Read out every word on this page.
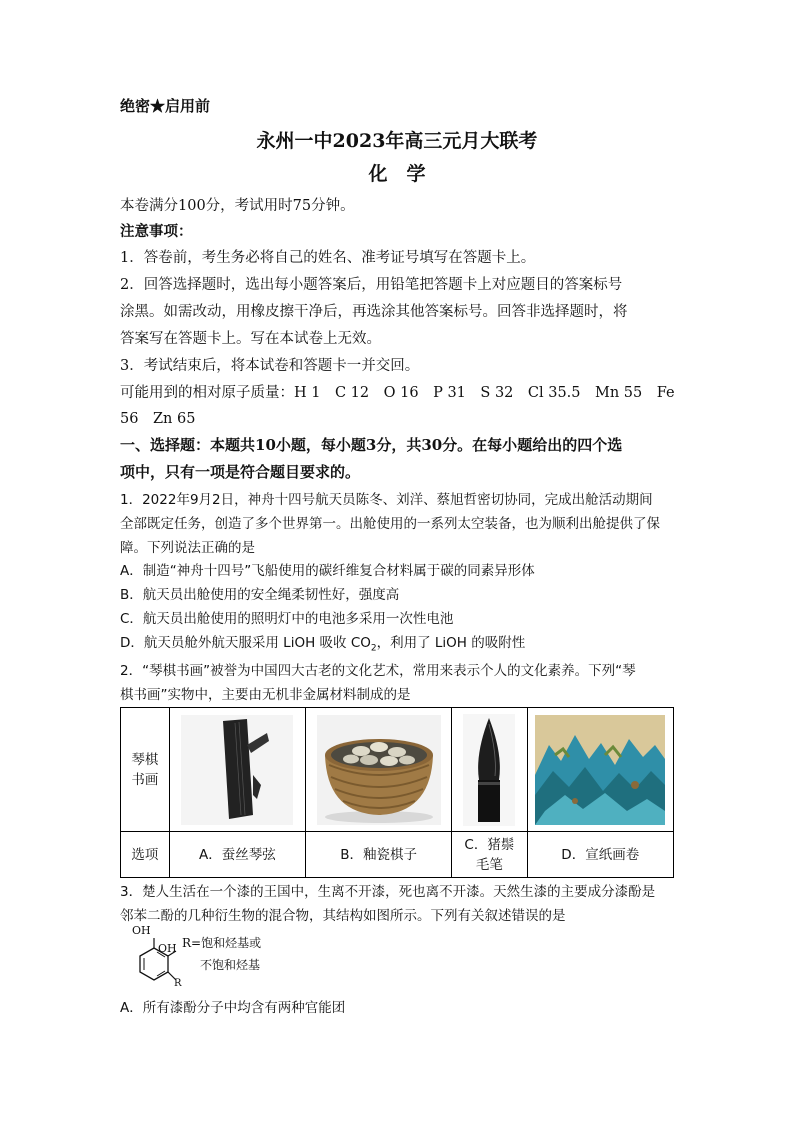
绝密★启用前
永州一中2023年高三元月大联考
化　学
本卷满分100分，考试用时75分钟。
注意事项：
1．答卷前，考生务必将自己的姓名、准考证号填写在答题卡上。
2．回答选择题时，选出每小题答案后，用铅笔把答题卡上对应题目的答案标号
涂黑。如需改动，用橡皮擦干净后，再选涂其他答案标号。回答非选择题时，将
答案写在答题卡上。写在本试卷上无效。
3．考试结束后，将本试卷和答题卡一并交回。
可能用到的相对原子质量：H 1　C 12　O 16　P 31　S 32　Cl 35.5　Mn 55　Fe
56　Zn 65
一、选择题：本题共10小题，每小题3分，共30分。在每小题给出的四个选
项中，只有一项是符合题目要求的。
1．2022年9月2日，神舟十四号航天员陈冬、刘洋、蔡旭哲密切协同，完成出舱活动期间
全部既定任务，创造了多个世界第一。出舱使用的一系列太空装备，也为顺利出舱提供了保
障。下列说法正确的是
A．制造“神舟十四号”飞船使用的碳纤维复合材料属于碳的同素异形体
B．航天员出舱使用的安全绳柔韧性好，强度高
C．航天员出舱使用的照明灯中的电池多采用一次性电池
D．航天员舱外航天服采用 LiOH 吸收 $CO_2$，利用了 LiOH 的吸附性
2．“琴棋书画”被誉为中国四大古老的文化艺术，常用来表示个人的文化素养。下列“琴
棋书画”实物中，主要由无机非金属材料制成的是
琴棋
书画	

选项	A．蚕丝琴弦	B．釉瓷棋子	C．猪鬃
毛笔	D．宣纸画卷
3．楚人生活在一个漆的王国中，生离不开漆，死也离不开漆。天然生漆的主要成分漆酚是
邻苯二酚的几种衍生物的混合物，其结构如图所示。下列有关叙述错误的是
OH
OH
R
R=饱和烃基或
不饱和烃基
A．所有漆酚分子中均含有两种官能团
